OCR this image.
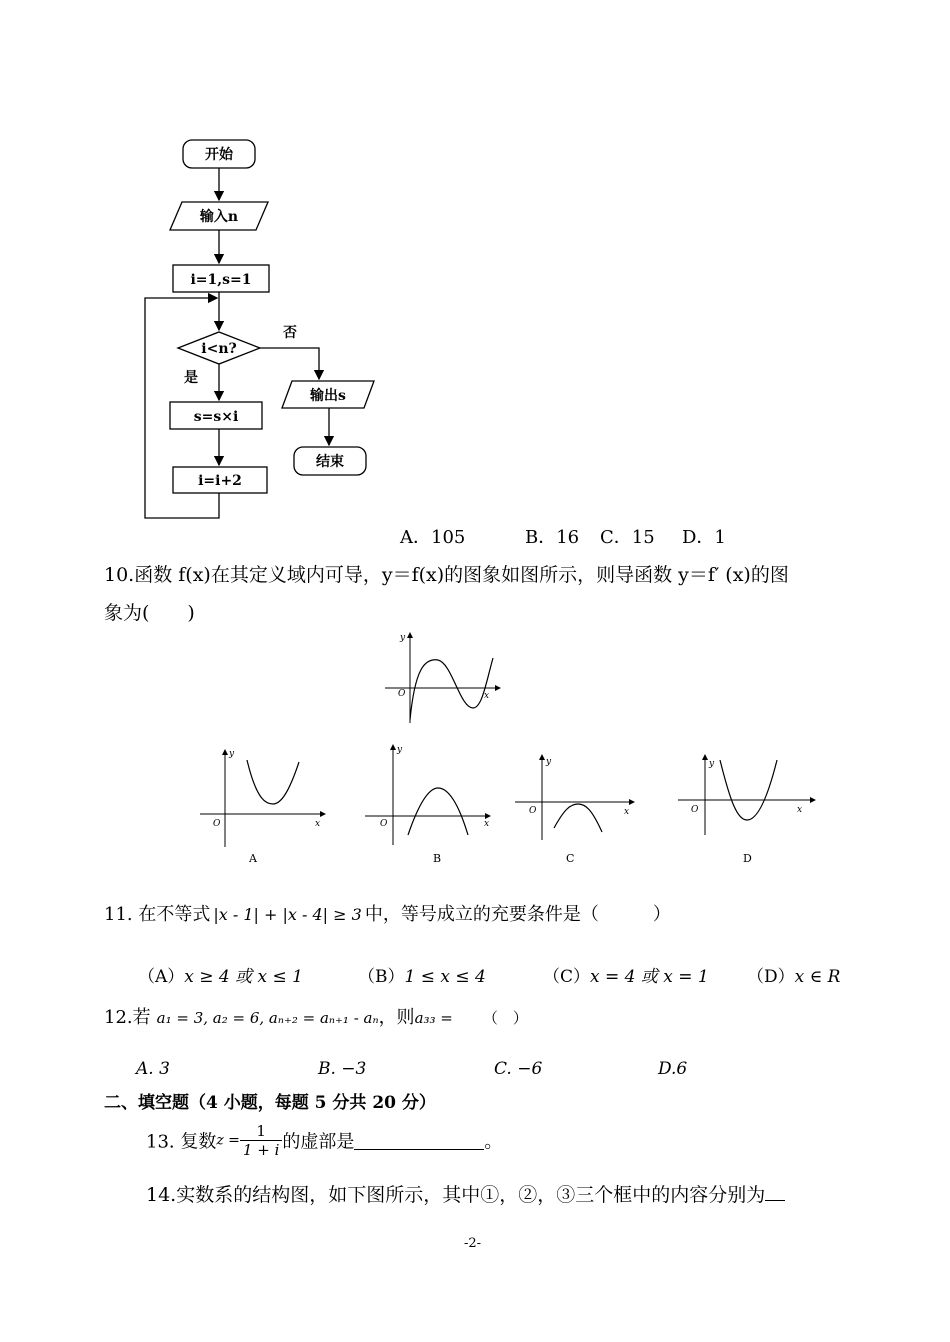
开始
输入n
i=1,s=1
i<n?
否
是
输出s
s=s×i
i=i+2
结束
A．105	B．16 C．15 D．1
10.函数 f(x)在其定义域内可导，y＝f(x)的图象如图所示，则导函数 y＝f′ (x)的图
象为(　　)
y
O	x
y
O	x
A
y
O	x
B
y
O	x
C
y
O	x
D
11. 在不等式 |x - 1| + |x - 4| ≥ 3 中，等号成立的充要条件是（　　　）
（A）x ≥ 4 或 x ≤ 1	（B）1 ≤ x ≤ 4	（C）x = 4 或 x = 1 （D）x ∈ R
12.若 a₁ = 3, a₂ = 6, aₙ₊₂ = aₙ₊₁ - aₙ，则a₃₃ = （　）
A. 3	B. −3	C. −6	D.6
二、填空题（4 小题，每题 5 分共 20 分）
13. 复数$z = \frac{1}{1 + i}$ 的虚部是	。
14.实数系的结构图，如下图所示，其中①，②，③三个框中的内容分别为
-2-
